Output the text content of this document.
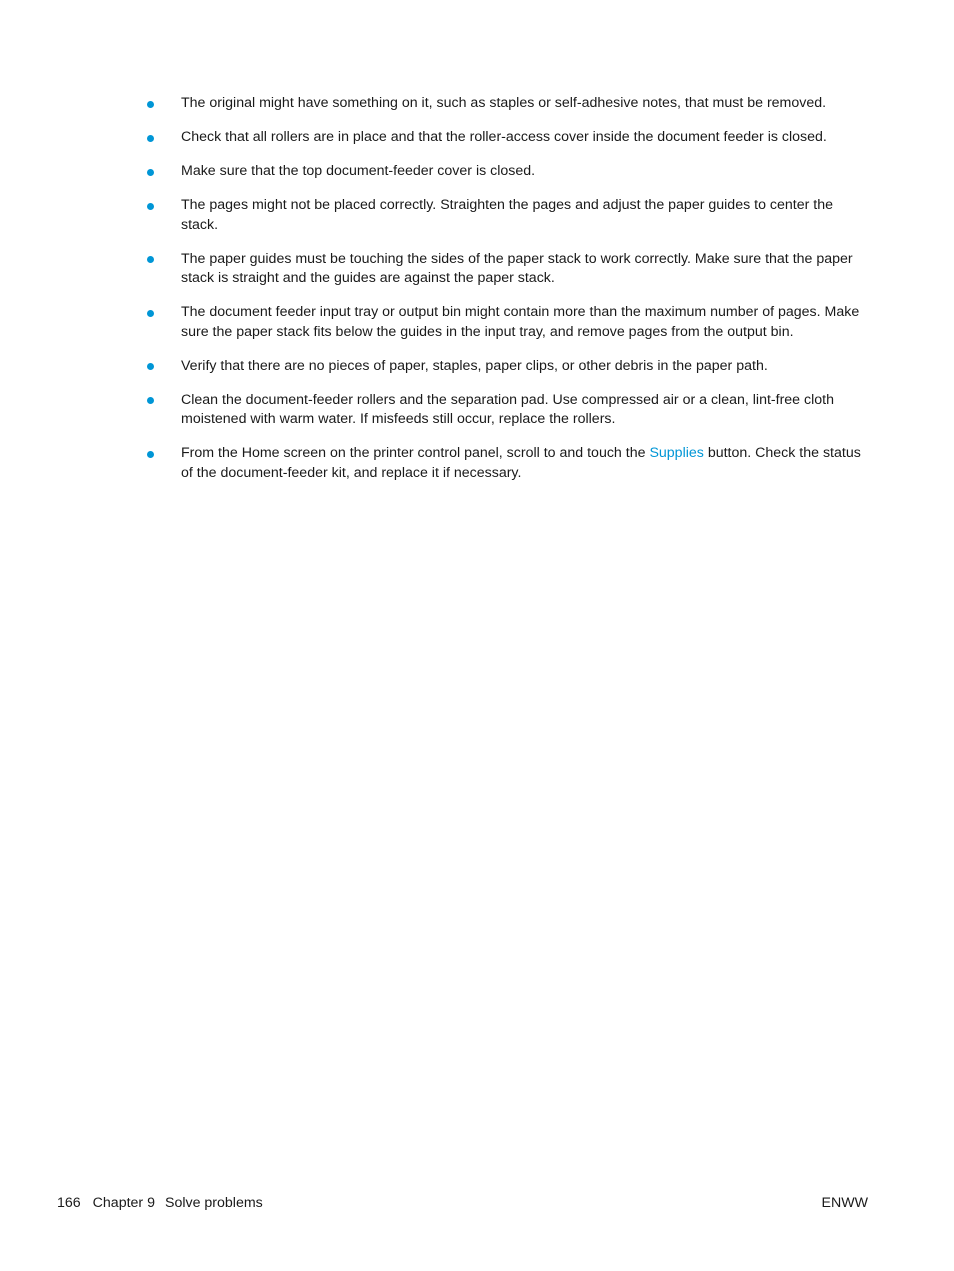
The original might have something on it, such as staples or self-adhesive notes, that must be removed.
Check that all rollers are in place and that the roller-access cover inside the document feeder is closed.
Make sure that the top document-feeder cover is closed.
The pages might not be placed correctly. Straighten the pages and adjust the paper guides to center the stack.
The paper guides must be touching the sides of the paper stack to work correctly. Make sure that the paper stack is straight and the guides are against the paper stack.
The document feeder input tray or output bin might contain more than the maximum number of pages. Make sure the paper stack fits below the guides in the input tray, and remove pages from the output bin.
Verify that there are no pieces of paper, staples, paper clips, or other debris in the paper path.
Clean the document-feeder rollers and the separation pad. Use compressed air or a clean, lint-free cloth moistened with warm water. If misfeeds still occur, replace the rollers.
From the Home screen on the printer control panel, scroll to and touch the Supplies button. Check the status of the document-feeder kit, and replace it if necessary.
166 Chapter 9 Solve problems	ENWW
